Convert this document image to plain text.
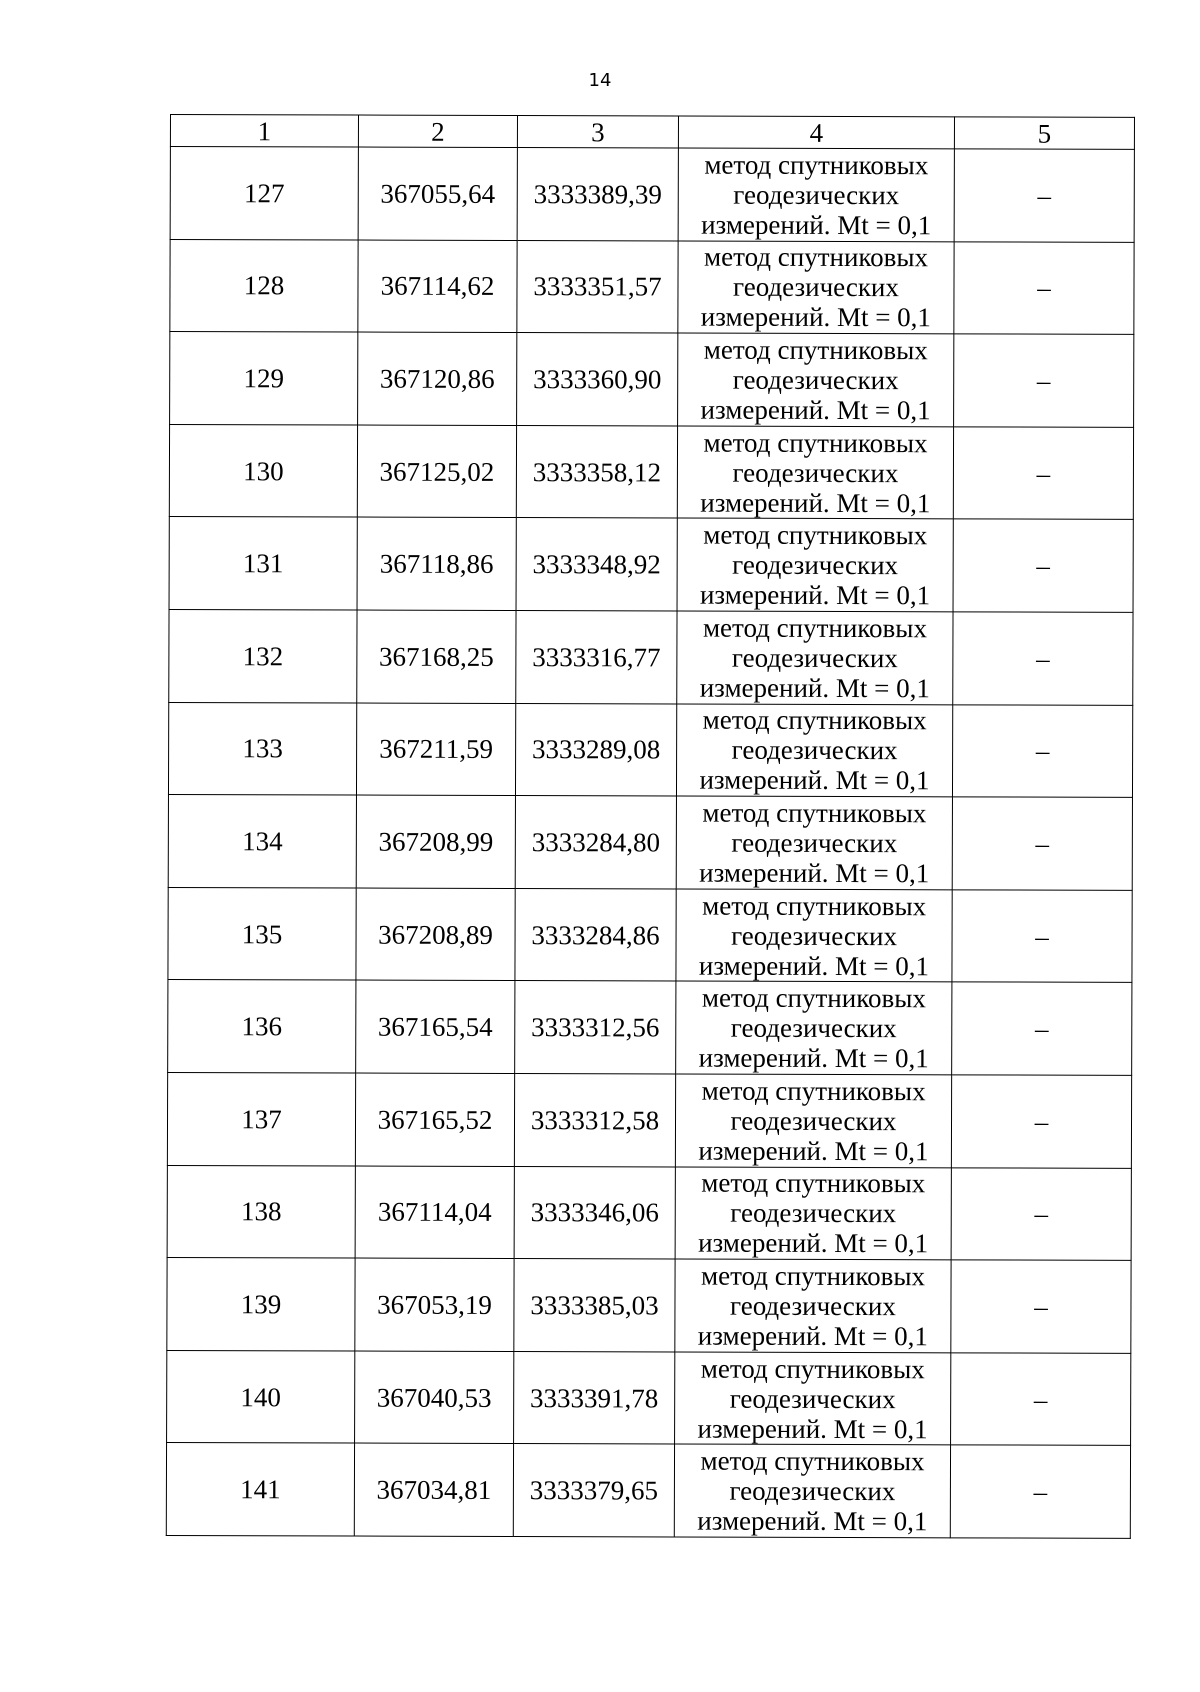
14
1	2	3	4	5
127	367055,64	3333389,39	метод спутниковых геодезических измерений. Mt = 0,1	–
128	367114,62	3333351,57	метод спутниковых геодезических измерений. Mt = 0,1	–
129	367120,86	3333360,90	метод спутниковых геодезических измерений. Mt = 0,1	–
130	367125,02	3333358,12	метод спутниковых геодезических измерений. Mt = 0,1	–
131	367118,86	3333348,92	метод спутниковых геодезических измерений. Mt = 0,1	–
132	367168,25	3333316,77	метод спутниковых геодезических измерений. Mt = 0,1	–
133	367211,59	3333289,08	метод спутниковых геодезических измерений. Mt = 0,1	–
134	367208,99	3333284,80	метод спутниковых геодезических измерений. Mt = 0,1	–
135	367208,89	3333284,86	метод спутниковых геодезических измерений. Mt = 0,1	–
136	367165,54	3333312,56	метод спутниковых геодезических измерений. Mt = 0,1	–
137	367165,52	3333312,58	метод спутниковых геодезических измерений. Mt = 0,1	–
138	367114,04	3333346,06	метод спутниковых геодезических измерений. Mt = 0,1	–
139	367053,19	3333385,03	метод спутниковых геодезических измерений. Mt = 0,1	–
140	367040,53	3333391,78	метод спутниковых геодезических измерений. Mt = 0,1	–
141	367034,81	3333379,65	метод спутниковых геодезических измерений. Mt = 0,1	–
